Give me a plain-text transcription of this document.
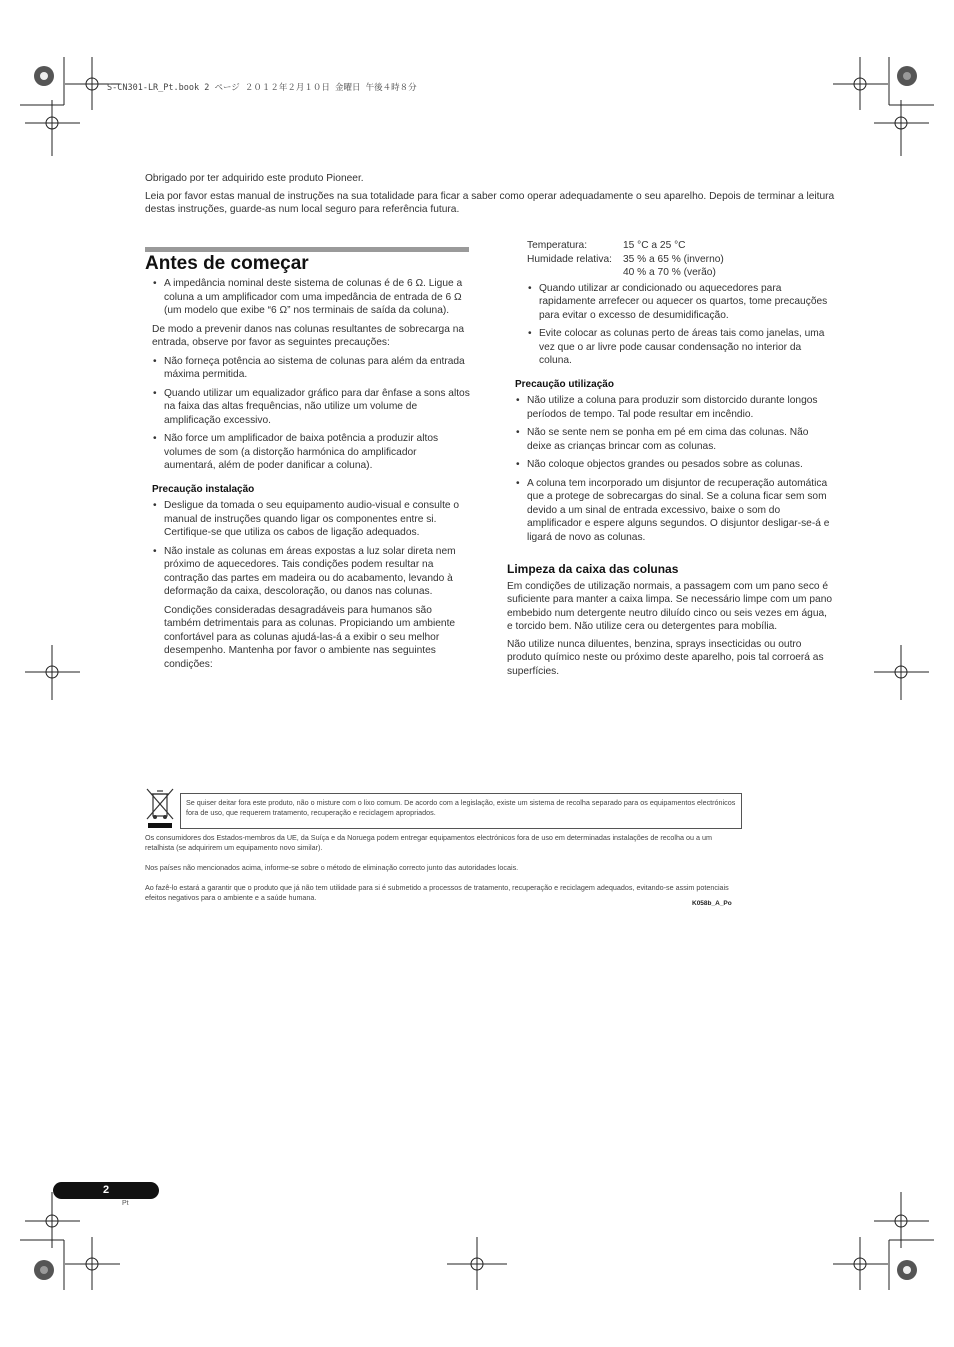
S-CN301-LR_Pt.book 2 ページ ２０１２年２月１０日 金曜日 午後４時８分

Obrigado por ter adquirido este produto Pioneer.

Leia por favor estas manual de instruções na sua totalidade para ficar a saber como operar adequadamente o seu aparelho. Depois de terminar a leitura destas instruções, guarde-as num local seguro para referência futura.

Antes de começar
• A impedância nominal deste sistema de colunas é de 6 Ω. Ligue a coluna a um amplificador com uma impedância de entrada de 6 Ω (um modelo que exibe “6 Ω” nos terminais de saída da coluna).

De modo a prevenir danos nas colunas resultantes de sobrecarga na entrada, observe por favor as seguintes precauções:

• Não forneça potência ao sistema de colunas para além da entrada máxima permitida.
• Quando utilizar um equalizador gráfico para dar ênfase a sons altos na faixa das altas frequências, não utilize um volume de amplificação excessivo.
• Não force um amplificador de baixa potência a produzir altos volumes de som (a distorção harmónica do amplificador aumentará, além de poder danificar a coluna).
Precaução instalação
• Desligue da tomada o seu equipamento audio-visual e consulte o manual de instruções quando ligar os componentes entre si. Certifique-se que utiliza os cabos de ligação adequados.
• Não instale as colunas em áreas expostas a luz solar direta nem próximo de aquecedores. Tais condições podem resultar na contração das partes em madeira ou do acabamento, levando à deformação da caixa, descoloração, ou danos nas colunas.

Condições consideradas desagradáveis para humanos são também detrimentais para as colunas. Propiciando um ambiente confortável para as colunas ajudá-las-á a exibir o seu melhor desempenho. Mantenha por favor o ambiente nas seguintes condições:

Temperatura:	15 °C a 25 °C
Humidade relativa:	35 % a 65 % (inverno)
	40 % a 70 % (verão)
• Quando utilizar ar condicionado ou aquecedores para rapidamente arrefecer ou aquecer os quartos, tome precauções para evitar o excesso de desumidificação.
• Evite colocar as colunas perto de áreas tais como janelas, uma vez que o ar livre pode causar condensação no interior da coluna.
Precaução utilização
• Não utilize a coluna para produzir som distorcido durante longos períodos de tempo. Tal pode resultar em incêndio.
• Não se sente nem se ponha em pé em cima das colunas. Não deixe as crianças brincar com as colunas.
• Não coloque objectos grandes ou pesados sobre as colunas.
• A coluna tem incorporado um disjuntor de recuperação automática que a protege de sobrecargas do sinal. Se a coluna ficar sem som devido a um sinal de entrada excessivo, baixe o som do amplificador e espere alguns segundos. O disjuntor desligar-se-á e ligará de novo as colunas.
Limpeza da caixa das colunas

Em condições de utilização normais, a passagem com um pano seco é suficiente para manter a caixa limpa. Se necessário limpe com um pano embebido num detergente neutro diluído cinco ou seis vezes em água, e torcido bem. Não utilize cera ou detergentes para mobília.

Não utilize nunca diluentes, benzina, sprays insecticidas ou outro produto químico neste ou próximo deste aparelho, pois tal corroerá as superfícies.

Se quiser deitar fora este produto, não o misture com o lixo comum. De acordo com a legislação, existe um sistema de recolha separado para os equipamentos electrónicos fora de uso, que requerem tratamento, recuperação e reciclagem apropriados.

Os consumidores dos Estados-membros da UE, da Suíça e da Noruega podem entregar equipamentos electrónicos fora de uso em determinadas instalações de recolha ou a um retalhista (se adquirirem um equipamento novo similar).

Nos países não mencionados acima, informe-se sobre o método de eliminação correcto junto das autoridades locais.

Ao fazê-lo estará a garantir que o produto que já não tem utilidade para si é submetido a processos de tratamento, recuperação e reciclagem adequados, evitando-se assim potenciais efeitos negativos para o ambiente e a saúde humana.

K058b_A_Po
2
Pt
